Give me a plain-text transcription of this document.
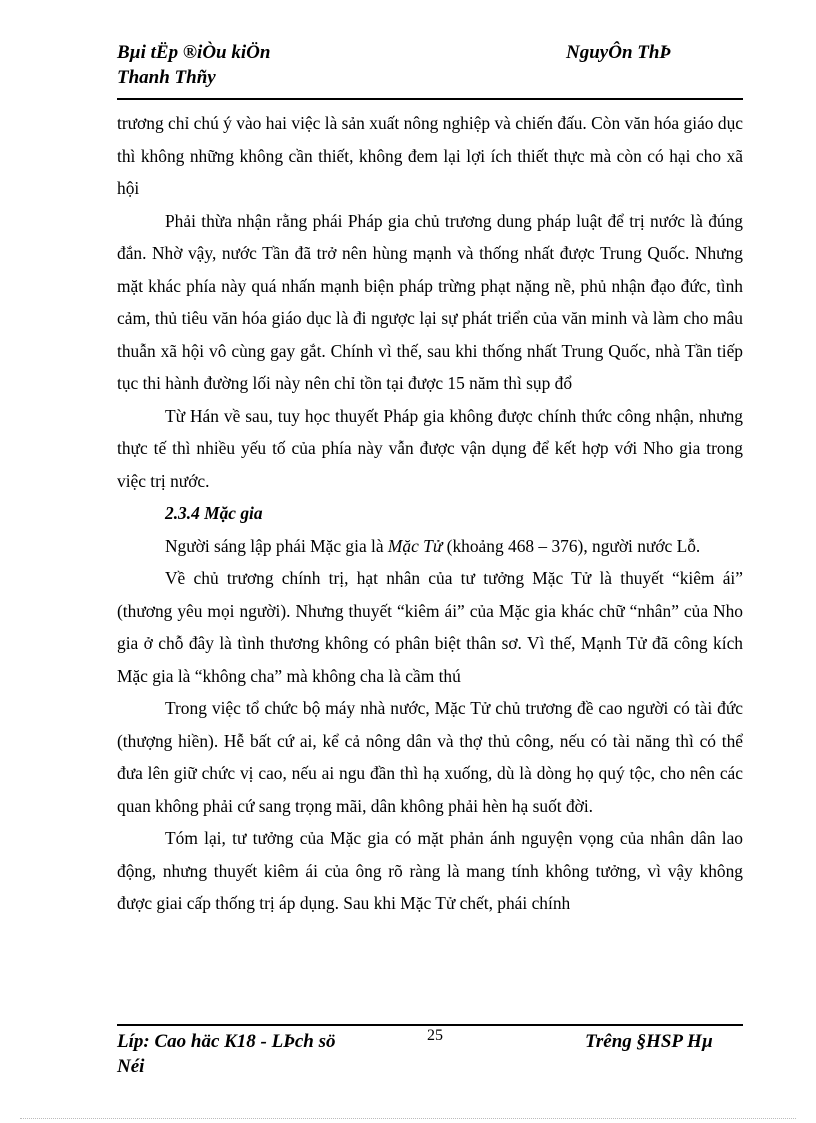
Bµi tËp ®iÒu kiÖn
Thanh Thñy
NguyÔn ThÞ

trương chỉ chú ý vào hai việc là sản xuất nông nghiệp và chiến đấu. Còn văn hóa giáo dục thì không những không cần thiết, không đem lại lợi ích thiết thực mà còn có hại cho xã hội

Phải thừa nhận rằng phái Pháp gia chủ trương dung pháp luật để trị nước là đúng đắn. Nhờ vậy, nước Tần đã trở nên hùng mạnh và thống nhất được Trung Quốc. Nhưng mặt khác phía này quá nhấn mạnh biện pháp trừng phạt nặng nề, phủ nhận đạo đức, tình cảm, thủ tiêu văn hóa giáo dục là đi ngược lại sự phát triển của văn minh và làm cho mâu thuẫn xã hội vô cùng gay gắt. Chính vì thế, sau khi thống nhất Trung Quốc, nhà Tần tiếp tục thi hành đường lối này nên chỉ tồn tại được 15 năm thì sụp đổ

Từ Hán về sau, tuy học thuyết Pháp gia không được chính thức công nhận, nhưng thực tế thì nhiều yếu tố của phía này vẫn được vận dụng để kết hợp với Nho gia trong việc trị nước.

2.3.4 Mặc gia

Người sáng lập phái Mặc gia là Mặc Tử (khoảng 468 – 376), người nước Lỗ.

Về chủ trương chính trị, hạt nhân của tư tưởng Mặc Tử là thuyết “kiêm ái” (thương yêu mọi người). Nhưng thuyết “kiêm ái” của Mặc gia khác chữ “nhân” của Nho gia ở chỗ đây là tình thương không có phân biệt thân sơ. Vì thế, Mạnh Tử đã công kích Mặc gia là “không cha” mà không cha là cầm thú

Trong việc tổ chức bộ máy nhà nước, Mặc Tử chủ trương đề cao người có tài đức (thượng hiền). Hễ bất cứ ai, kể cả nông dân và thợ thủ công, nếu có tài năng thì có thể đưa lên giữ chức vị cao, nếu ai ngu đần thì hạ xuống, dù là dòng họ quý tộc, cho nên các quan không phải cứ sang trọng mãi, dân không phải hèn hạ suốt đời.

Tóm lại, tư tưởng của Mặc gia có mặt phản ánh nguyện vọng của nhân dân lao động, nhưng thuyết kiêm ái của ông rõ ràng là mang tính không tưởng, vì vậy không được giai cấp thống trị áp dụng. Sau khi Mặc Tử chết, phái chính

Líp: Cao häc K18 - LÞch sö
Néi
25	Trêng §HSP Hµ
